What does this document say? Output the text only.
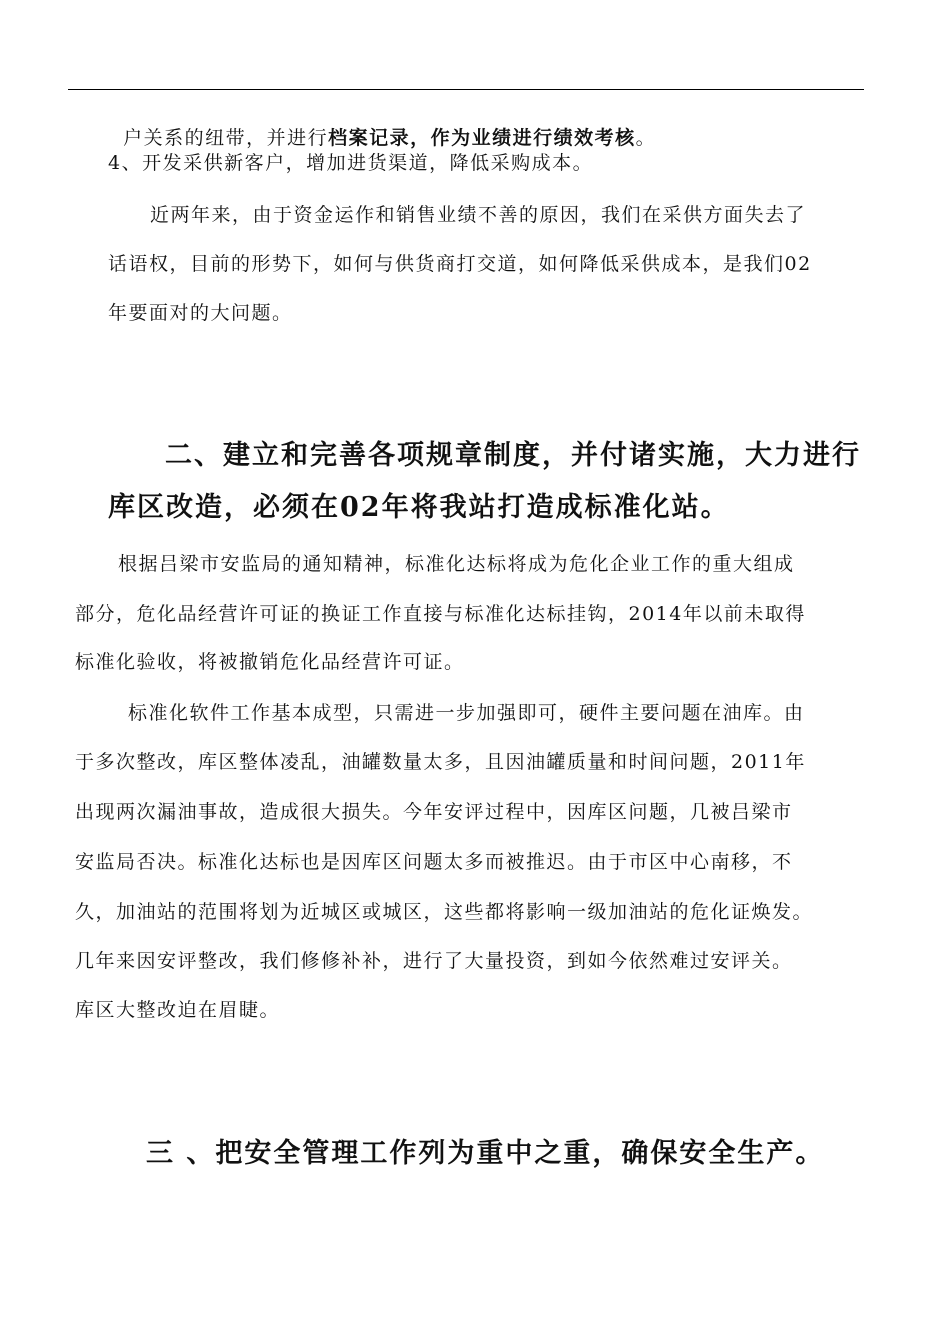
户关系的纽带，并进行档案记录，作为业绩进行绩效考核。

4、开发采供新客户，增加进货渠道，降低采购成本。
近两年来，由于资金运作和销售业绩不善的原因，我们在采供方面失去了
话语权，目前的形势下，如何与供货商打交道，如何降低采供成本，是我们02
年要面对的大问题。
二、建立和完善各项规章制度，并付诸实施，大力进行
库区改造，必须在02年将我站打造成标准化站。
根据吕梁市安监局的通知精神，标准化达标将成为危化企业工作的重大组成
部分，危化品经营许可证的换证工作直接与标准化达标挂钩，2014年以前未取得
标准化验收，将被撤销危化品经营许可证。
标准化软件工作基本成型，只需进一步加强即可，硬件主要问题在油库。由
于多次整改，库区整体凌乱，油罐数量太多，且因油罐质量和时间问题，2011年
出现两次漏油事故，造成很大损失。今年安评过程中，因库区问题，几被吕梁市
安监局否决。标准化达标也是因库区问题太多而被推迟。由于市区中心南移，不
久，加油站的范围将划为近城区或城区，这些都将影响一级加油站的危化证焕发。
几年来因安评整改，我们修修补补，进行了大量投资，到如今依然难过安评关。
库区大整改迫在眉睫。
三 、把安全管理工作列为重中之重，确保安全生产。
